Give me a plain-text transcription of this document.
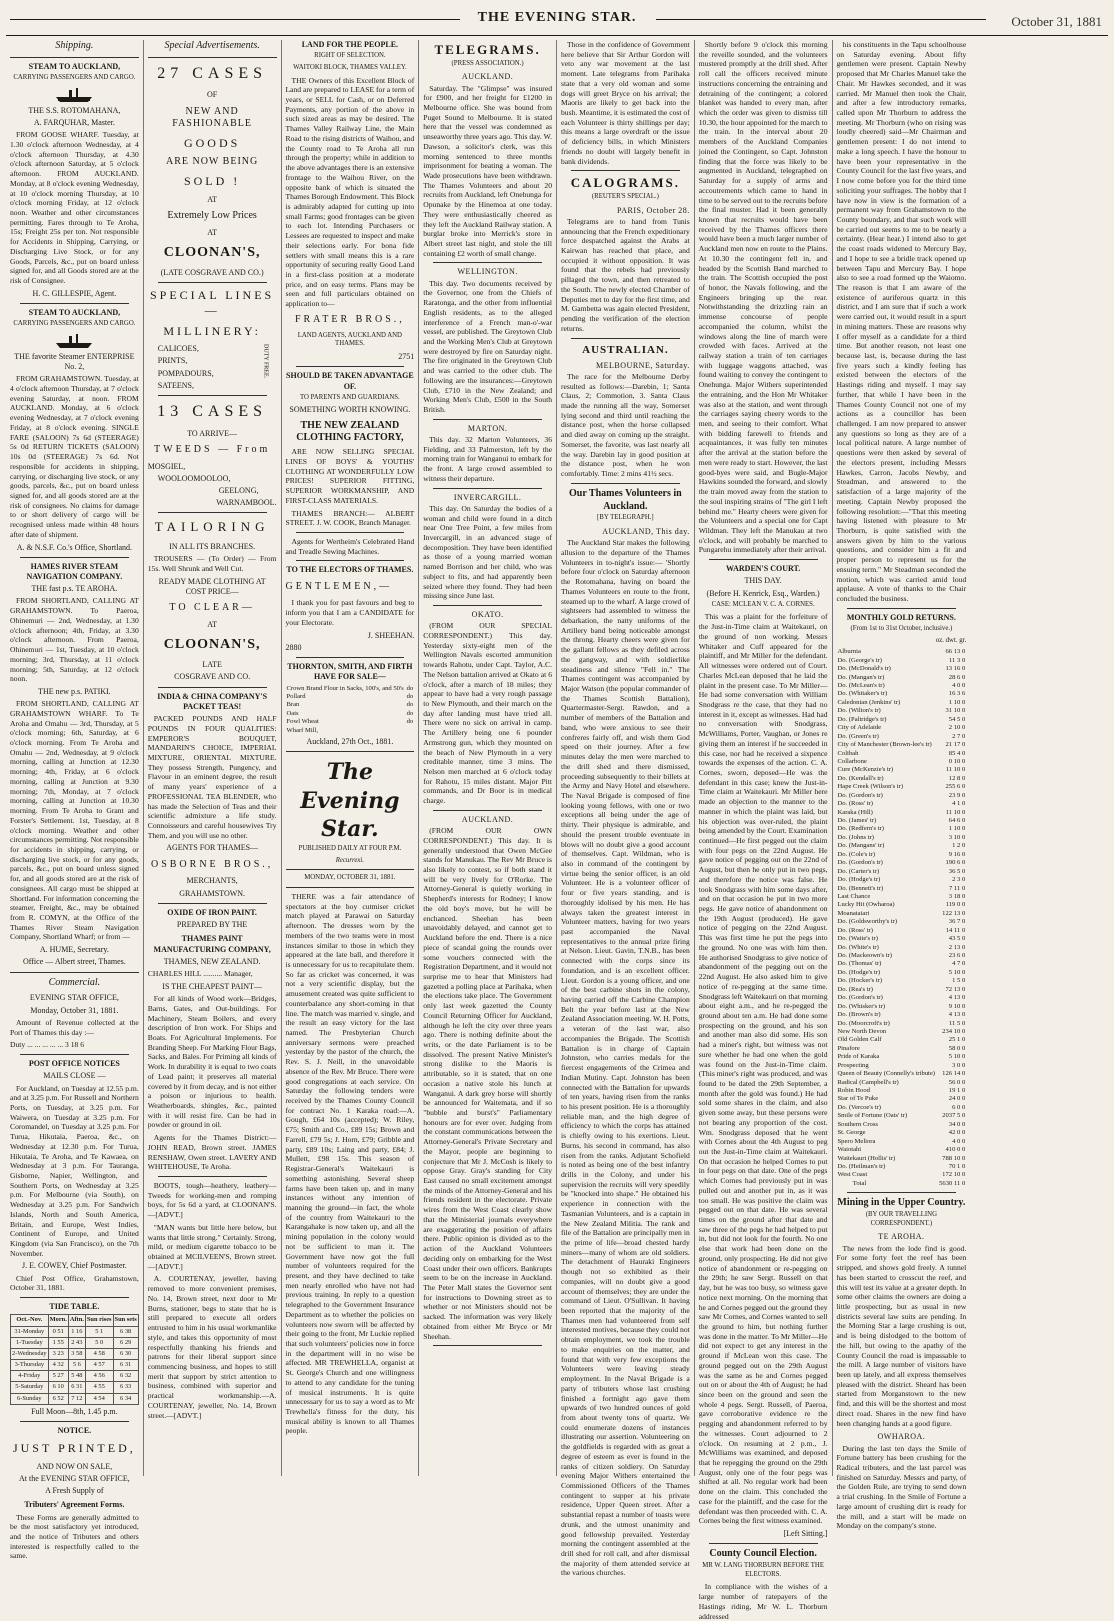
THE EVENING STAR.	October 31, 1881
Shipping.
STEAM TO AUCKLAND,
CARRYING PASSENGERS AND CARGO.
THE S.S. ROTOMAHANA,
A. FARQUHAR, Master.

FROM GOOSE WHARF. Tuesday, at 1.30 o'clock afternoon Wednesday, at 4 o'clock afternoon Thursday, at 4.30 o'clock afternoon Saturday, at 5 o'clock afternoon. FROM AUCKLAND. Monday, at 8 o'clock evening Wednesday, at 10 o'clock morning Thursday, at 10 o'clock morning Friday, at 12 o'clock noon. Weather and other circumstances permitting. Fares through to Te Aroha, 15s; Freight 25s per ton. Not responsible for Accidents in Shipping, Carrying, or Discharging Live Stock, or for any Goods, Parcels, &c., put on board unless signed for, and all Goods stored are at the risk of Consignee.

H. C. GILLESPIE, Agent.
STEAM TO AUCKLAND,
CARRYING PASSENGERS AND CARGO.
THE favorite Steamer ENTERPRISE No. 2,

FROM GRAHAMSTOWN. Tuesday, at 4 o'clock afternoon Thursday, at 7 o'clock evening Saturday, at noon. FROM AUCKLAND. Monday, at 6 o'clock evening Wednesday, at 7 o'clock evening Friday, at 8 o'clock evening. SINGLE FARE (SALOON) 7s 6d (STEERAGE) 5s 0d RETURN TICKETS (SALOON) 10s 0d (STEERAGE) 7s 6d. Not responsible for accidents in shipping, carrying, or discharging live stock, or any goods, parcels, &c., put on board unless signed for, and all goods stored are at the risk of consignees. No claims for damage to or short delivery of cargo will be recognised unless made within 48 hours after date of shipment.

A. & N.S.F. Co.'s Office, Shortland.
HAMES RIVER STEAM NAVIGATION COMPANY.
THE fast p.s. TE AROHA.

FROM SHORTLAND, CALLING AT GRAHAMSTOWN. To Paeroa, Ohinemuri — 2nd, Wednesday, at 1.30 o'clock afternoon; 4th, Friday, at 3.30 o'clock afternoon. From Paeroa, Ohinemuri — 1st, Tuesday, at 10 o'clock morning; 3rd, Thursday, at 11 o'clock morning; 5th, Saturday, at 12 o'clock noon.

THE new p.s. PATIKI.

FROM SHORTLAND, CALLING AT GRAHAMSTOWN WHARF. To Te Aroha and Omahu — 3rd, Thursday, at 5 o'clock morning; 6th, Saturday, at 6 o'clock morning. From Te Aroha and Omahu — 2nd, Wednesday, at 9 o'clock morning, calling at Junction at 12.30 morning; 4th, Friday, at 6 o'clock morning, calling at Junction at 9.30 morning; 7th, Monday, at 7 o'clock morning, calling at Junction at 10.30 morning. From Te Aroha to Grant and Forster's Settlement. 1st, Tuesday, at 8 o'clock morning. Weather and other circumstances permitting. Not responsible for accidents in shipping, carrying, or discharging live stock, or for any goods, parcels, &c., put on board unless signed for, and all goods stored are at the risk of consignees. All cargo must be shipped at Shortland. For information concerning the steamer, Freight, &c., may be obtained from R. COMYN, at the Office of the Thames River Steam Navigation Company, Shortland Wharf; or from —

A. HUME, Secretary.
Office — Albert street, Thames.
Commercial.
EVENING STAR OFFICE,
Monday, October 31, 1881.

Amount of Revenue collected at the Port of Thames this day :—

Duty ... ... ... ... ... 3 18 6

POST OFFICE NOTICES
MAILS CLOSE —

For Auckland, on Tuesday at 12.55 p.m. and at 3.25 p.m. For Russell and Northern Ports, on Tuesday, at 3.25 p.m. For Waiwera, on Tuesday at 3.25 p.m. For Coromandel, on Tuesday at 3.25 p.m. For Turua, Hikutaia, Paeroa, &c., on Wednesday at 12.30 p.m. For Turua, Hikutaia, Te Aroha, and Te Kawaea, on Wednesday at 3 p.m. For Tauranga, Gisborne, Napier, Wellington, and Southern Ports, on Wednesday at 3.25 p.m. For Melbourne (via South), on Wednesday at 3.25 p.m. For Sandwich Islands, North and South America, Britain, and Europe, West Indies, Continent of Europe, and United Kingdom (via San Francisco), on the 7th November.

J. E. COWEY, Chief Postmaster.

Chief Post Office, Grahamstown, October 31, 1881.

TIDE TABLE.
Oct.-Nov.	Morn.	Aftn.	Sun rises	Sun sets
31-Monday	0 51	1 16	5 1	6 38
1-Tuesday	1 55	2 43	5 0	6 29
2-Wednesday	3 23	3 58	4 58	6 30
3-Thursday	4 32	5 6	4 57	6 31
4-Friday	5 27	5 48	4 56	6 32
5-Saturday	6 10	6 31	4 55	6 33
6-Sunday	6 52	7 12	4 54	6 34
Full Moon—8th, 1.45 p.m.
NOTICE.
JUST PRINTED,
AND NOW ON SALE,
At the EVENING STAR OFFICE,
A Fresh Supply of
Tributers' Agreement Forms.

These Forms are generally admitted to be the most satisfactory yet introduced, and the notice of Tributers and others interested is respectfully called to the same.

Special Advertisements.
27 CASES
OF
NEW AND FASHIONABLE
GOODS
ARE NOW BEING
SOLD !
AT
Extremely Low Prices
AT
CLOONAN'S,
(LATE COSGRAVE AND CO.)
SPECIAL LINES—
MILLINERY:
CALICOES,
PRINTS,
POMPADOURS,
SATEENS,
DUTY FREE.
13 CASES
TO ARRIVE—
TWEEDS — From
MOSGIEL,
WOOLOOMOOLOO,
GEELONG,
WARNAMBOOL.
TAILORING
IN ALL ITS BRANCHES.

TROUSERS — (To Order) — From 15s. Well Shrunk and Well Cut.

READY MADE CLOTHING AT COST PRICE—
TO CLEAR—
AT
CLOONAN'S,
LATE
COSGRAVE AND CO.
INDIA & CHINA COMPANY'S PACKET TEAS!

PACKED POUNDS AND HALF POUNDS IN FOUR QUALITIES: EMPEROR'S BOUQUET, MANDARIN'S CHOICE, IMPERIAL MIXTURE, ORIENTAL MIXTURE. They possess Strength, Pungency, and Flavour in an eminent degree, the result of many years' experience of a PROFESSIONAL TEA BLENDER, who has made the Selection of Teas and their scientific admixture a life study. Connoisseurs and careful housewives Try Them, and you will use no other.

AGENTS FOR THAMES—
OSBORNE BROS.,
MERCHANTS,
GRAHAMSTOWN.
OXIDE OF IRON PAINT.
PREPARED BY THE
THAMES PAINT MANUFACTURING COMPANY,
THAMES, NEW ZEALAND.

CHARLES HILL .......... Manager,

IS THE CHEAPEST PAINT—

For all kinds of Wood work—Bridges, Barns, Gates, and Out-buildings. For Machinery, Steam Boilers, and every description of Iron work. For Ships and Boats. For Agricultural Implements. For Branding Sheep. For Marking Flour Bags, Sacks, and Bales. For Priming all kinds of Work. In durability it is equal to two coats of Lead paint; it preserves all material covered by it from decay, and is not either a poison or injurious to health. Weatherboards, shingles, &c., painted with it will resist fire. Can be had in powder or ground in oil.

Agents for the Thames District:— JOHN READ, Brown street. JAMES RENSHAW, Owen street. LAVERY AND WHITEHOUSE, Te Aroha.

BOOTS, tough—heathery, leathery—Tweeds for working-men and romping boys, for 5s 6d a yard, at CLOONAN'S.—[ADVT.]

"MAN wants but little here below, but wants that little strong." Certainly. Strong, mild, or medium cigarette tobacco to be obtained at MCILVEEN'S, Brown street.—[ADVT.]

A. COURTENAY, jeweller, having removed to more convenient premises, No. 14, Brown street, next door to Mr Burns, stationer, begs to state that he is still prepared to execute all orders entrusted to him in his usual workmanlike style, and takes this opportunity of most respectfully thanking his friends and patrons for their liberal support since commencing business, and hopes to still merit that support by strict attention to business, combined with superior and practical workmanship.—A. COURTENAY, jeweller, No. 14, Brown street.—[ADVT.]

LAND FOR THE PEOPLE.
RIGHT OF SELECTION.
WAITOKI BLOCK, THAMES VALLEY.

THE Owners of this Excellent Block of Land are prepared to LEASE for a term of years, or SELL for Cash, or on Deferred Payments, any portion of the above in such sized areas as may be desired. The Thames Valley Railway Line, the Main Road to the rising districts of Waihou, and the County road to Te Aroha all run through the property; while in addition to the above advantages there is an extensive frontage to the Waihou River, on the opposite bank of which is situated the Thames Borough Endowment. This Block is admirably adapted for cutting up into small Farms; good frontages can be given to each lot. Intending Purchasers or Lessees are requested to inspect and make their selections early. For bona fide settlers with small means this is a rare opportunity of securing really Good Land in a first-class position at a moderate price, and on easy terms. Plans may be seen and full particulars obtained on application to—

FRATER BROS.,
LAND AGENTS, AUCKLAND AND THAMES.
2751
SHOULD BE TAKEN ADVANTAGE OF.
TO PARENTS AND GUARDIANS.
SOMETHING WORTH KNOWING.
THE NEW ZEALAND CLOTHING FACTORY,

ARE NOW SELLING SPECIAL LINES OF BOYS' & YOUTHS' CLOTHING AT WONDERFULLY LOW PRICES! SUPERIOR FITTING, SUPERIOR WORKMANSHIP, AND FIRST-CLASS MATERIALS.

THAMES BRANCH:— ALBERT STREET. J. W. COOK, Branch Manager.

Agents for Wertheim's Celebrated Hand and Treadle Sewing Machines.

TO THE ELECTORS OF THAMES.
GENTLEMEN,—

I thank you for past favours and beg to inform you that I am a CANDIDATE for your Electorate.

J. SHEEHAN.
2880
THORNTON, SMITH, AND FIRTH HAVE FOR SALE—
Crown Brand Flour in Sacks, 100's, and 50's	do
Pollard	do
Bran	do
Oats	do
Fowl Wheat	do
Wharf Mill,	
Auckland, 27th Oct., 1881.
The Evening Star.
PUBLISHED DAILY AT FOUR P.M.
Recurrexi.
MONDAY, OCTOBER 31, 1881.

THERE was a fair attendance of spectators at the hoy cutmiser cricket match played at Parawai on Saturday afternoon. The dresses worn by the members of the two teams were in most instances similar to those in which they appeared at the late ball, and therefore it is unnecessary for us to recapitulate them. So far as cricket was concerned, it was not a very scientific display, but the amusement created was quite sufficient to counterbalance any short-coming in that line. The match was married v. single, and the result an easy victory for the last named. The Presbyterian Church anniversary sermons were preached yesterday by the pastor of the church, the Rev. S. J. Neill, in the unavoidable absence of the Rev. Mr Bruce. There were good congregations at each service. On Saturday the following tenders were received by the Thames County Council for contract No. 1 Karaka road:—A. Gough, £64 10s (accepted); W. Riley, £75; Smith and Co., £89 15s; Brown and Farrell, £79 5s; J. Horn, £79; Gribble and party, £89 10s; Laing and party, £84; J. Mullett, £98 15s. This season of Registrar-General's Waitekauri is something astonishing. Several sheep farms have been taken up, and in many instances without any intention of manning the ground—in fact, the whole of the country from Waitekauri to the Karangahake is now taken up, and all the mining population in the colony would not be sufficient to man it. The Government have now got the full number of volunteers required for the present, and they have declined to take men nearly enrolled who have not had previous training. In reply to a question telegraphed to the Government Insurance Department as to whether the policies on volunteers now sworn will be affected by their going to the front, Mr Luckie replied that such volunteers' policies now in force in the department will in no wise be affected. MR TREWHELLA, organist at St. George's Church and one willingness to attend to any candidate for the tuning of musical instruments. It is quite unnecessary for us to say a word as to Mr Trewhella's fitness for the duty, his musical ability is known to all Thames people.

TELEGRAMS.
(PRESS ASSOCIATION.)
AUCKLAND.

Saturday. The "Glimpse" was insured for £900, and her freight for £1200 in Melbourne office. She was bound from Puget Sound to Melbourne. It is stated here that the vessel was condemned as unseaworthy three years ago. This day. W. Dawson, a solicitor's clerk, was this morning sentenced to three months imprisonment for beating a woman. The Wade prosecutions have been withdrawn. The Thames Volunteers and about 20 recruits from Auckland, left Onehunga for Opunake by the Hinemoa at one today. They were enthusiastically cheered as they left the Auckland Railway station. A burglar broke into Merrick's store in Albert street last night, and stole the till containing £2 worth of small change.

WELLINGTON.

This day. Two documents received by the Governor, one from the Chiefs of Raratonga, and the other from influential English residents, as to the alleged interference of a French man-o'-war vessel, are published. The Greytown Club and the Working Men's Club at Greytown were destroyed by fire on Saturday night. The fire originated in the Greytown Club and was carried to the other club. The following are the insurances:—Greytown Club, £710 in the New Zealand; and Working Men's Club, £500 in the South British.

MARTON.

This day. 32 Marton Volunteers, 36 Fielding, and 33 Palmerston, left by the morning train for Wanganui to embark for the front. A large crowd assembled to witness their departure.

INVERCARGILL.

This day. On Saturday the bodies of a woman and child were found in a ditch near One Tree Point, a few miles from Invercargill, in an advanced stage of decomposition. They have been identified as those of a young married woman named Borrison and her child, who was subject to fits, and had apparently been seized where they found. They had been missing since June last.

OKATO.

(FROM OUR SPECIAL CORRESPONDENT.) This day. Yesterday sixty-eight men of the Wellington Navals escorted ammunition towards Rahotu, under Capt. Taylor, A.C. The Nelson battalion arrived at Okato at 6 o'clock, after a march of 18 miles; they appear to have had a very rough passage to New Plymouth, and their march on the day after landing must have tried all. There were no sick on arrival in camp. The Artillery being one 6 pounder Armstrong gun, which they mounted on the beach of New Plymouth in a very creditable manner, time 3 mins. The Nelson men marched at 6 o'clock today for Rahotu, 15 miles distant. Major Pitt commands, and Dr Boor is in medical charge.

AUCKLAND.

(FROM OUR OWN CORRESPONDENT.) This day. It is generally understood that Owen McGee stands for Manukau. The Rev Mr Bruce is also likely to contest, so if both stand it will be very lively for O'Rorke. The Attorney-General is quietly working in Shepherd's interests for Rodney; I know the old boy's move, but he will be enchanced. Sheehan has been unavoidably delayed, and cannot get to Auckland before the end. There is a nice piece of scandal going the rounds over some vouchers connected with the Registration Department, and it would not surprise me to hear that Ministers had gazetted a polling place at Parihaka, when the elections take place. The Government only last week gazetted the County Council Returning Officer for Auckland, although he left the city over three years ago. There is nothing definite about the writs, or the date Parliament is to be dissolved. The present Native Minister's strong dislike to the Maoris is attributable, so it is stated, that on one occasion a native stole his lunch at Wanganui. A dark grey horse will shortly be announced for Waitemata, and if so "bubble and burst's" Parliamentary honours are for ever over. Judging from the constant communications between the Attorney-General's Private Secretary and the Mayor, people are beginning to conjecture that Mr J. McCosh is likely to oppose Gray. Gray's standing for City East caused no small excitement amongst the minds of the Attorney-General and his friends resident in the electorate. Private wires from the West Coast clearly show that the Ministerial journals everywhere are exaggerating the position of affairs there. Public opinion is divided as to the action of the Auckland Volunteers deciding only on embarking for the West Coast under their own officers. Bankrupts seem to be on the increase in Auckland. The Peter Mall states the Governor sent for instructions to Downing street as to whether or not Ministers should not be sacked. The information was very likely obtained from either Mr Bryce or Mr Sheehan.

Those in the confidence of Government here believe that Sir Arthur Gordon will veto any war movement at the last moment. Late telegrams from Parihaka state that a very old woman and some dogs will greet Bryce on his arrival; the Maoris are likely to get back into the bush. Meantime, it is estimated the cost of each Volunteer is thirty shillings per day; this means a large overdraft or the issue of deficiency bills, in which Ministers friends no doubt will largely benefit in bank dividends.

CALOGRAMS.
(REUTER'S SPECIAL.)
PARIS, October 28.

Telegrams are to hand from Tunis announcing that the French expeditionary force despatched against the Arabs at Kairwan has reached that place, and occupied it without opposition. It was found that the rebels had previously pillaged the town, and then retreated to the South. The newly elected Chamber of Deputies met to day for the first time, and M. Gambetta was again elected President, pending the verification of the election returns.

AUSTRALIAN.
MELBOURNE, Saturday.

The race for the Melbourne Derby resulted as follows:—Darebin, 1; Santa Claus, 2; Commotion, 3. Santa Claus made the running all the way, Somerset lying second and third until reaching the distance post, when the horse collapsed and died away on coming up the straight. Somerset, the favorite, was last nearly all the way. Darebin lay in good position at the distance post, when he won comfortably. Time: 2 mins 41½ secs.

Our Thames Volunteers in Auckland.
[BY TELEGRAPH.]
AUCKLAND, This day.

The Auckland Star makes the following allusion to the departure of the Thames Volunteers in to-night's issue:— 'Shortly before four o'clock on Saturday afternoon the Rotomahana, having on board the Thames Volunteers en route to the front, steamed up to the wharf. A large crowd of sightseers had assembled to witness the debarkation, the natty uniforms of the Artillery band being noticeable amongst the throng. Hearty cheers were given for the gallant fellows as they defiled across the gangway, and with soldierlike steadiness and silence "Fell in." The Thames contingent was accompanied by Major Watson (the popular commander of the Thames Scottish Battalion), Quartermaster-Sergt. Rawdon, and a number of members of the Battalion and band, who were anxious to see their confreres fairly off, and wish them God speed on their journey. After a few minutes delay the men were marched to the drill shed and there dismissed, proceeding subsequently to their billets at the Army and Navy Hotel and elsewhere. The Naval Brigade is composed of fine looking young fellows, with one or two exceptions all being under the age of thirty. Their physique is admirable, and should the present trouble eventuate in blows will no doubt give a good account of themselves. Capt. Wildman, who is also in command of the contingent by virtue being the senior officer, is an old Volunteer. He is a volunteer officer of four or five years standing, and is thoroughly idolised by his men. He has always taken the greatest interest in Volunteer matters, having for two years past accompanied the Naval representatives to the annual prize firing at Nelson. Lieut. Gavin, T.N.B., has been connected with the corps since its foundation, and is an excellent officer. Lieut. Gordon is a young officer, and one of the best carbine shots in the colony, having carried off the Carbine Champion Belt the year before last at the New Zealand Association meeting. W. H. Potts, a veteran of the last war, also accompanies the Brigade. The Scottish Battalion is in charge of Captain Johnston, who carries medals for the fiercest engagements of the Crimea and Indian Mutiny. Capt. Johnston has been connected with the Battalion for upwards of ten years, having risen from the ranks to his present position. He is a thoroughly reliable man, and the high degree of efficiency to which the corps has attained is chiefly owing to his exertions. Lieut. Burns, his second in command, has also risen from the ranks. Adjutant Schofield is noted as being one of the best infantry drills in the Colony, and under his supervision the recruits will very speedily be "knocked into shape." He obtained his experience in connection with the Tasmanian Volunteers, and is a captain in the New Zealand Militia. The rank and file of the Battalion are principally men in the prime of life—broad chested hardy miners—many of whom are old soldiers. The detachment of Hauraki Engineers though not so exhibited as their companies, will no doubt give a good account of themselves; they are under the command of Lieut. O'Sullivan. It having been reported that the majority of the Thames men had volunteered from self interested motives, because they could not obtain employment, we took the trouble to make enquiries on the matter, and found that with very few exceptions the Volunteers were leaving steady employment. In the Naval Brigade is a party of tributers whose last crushing finished a fortnight ago gave them upwards of two hundred ounces of gold from about twenty tons of quartz. We could enumerate dozens of instances illustrating our assertion. Volunteering on the goldfields is regarded with as great a degree of esteem as ever is found in the ranks of citizen soldiery. On Saturday evening Major Withers entertained the Commissioned Officers of the Thames contingent to supper at his private residence, Upper Queen street. After a substantial repast a number of toasts were drunk, and the utmost unanimity and good fellowship prevailed. Yesterday morning the contingent assembled at the drill shed for roll call, and after dismissal the majority of them attended service at the various churches.

Shortly before 9 o'clock this morning the reveille sounded, and the volunteers mustered promptly at the drill shed. After roll call the officers received minute instructions concerning the entraining and detraining of the contingent; a colored blanket was handed to every man, after which the order was given to dismiss till 10.30, the hour appointed for the march to the train. In the interval about 20 members of the Auckland Companies joined the Contingent, so Capt. Johnston finding that the force was likely to be augmented in Auckland, telegraphed on Saturday for a supply of arms and accoutrements which came to hand in time to be served out to the recruits before the final muster. Had it been generally known that recruits would have been received by the Thames officers there would have been a much larger number of Auckland men now en route to the Plains. At 10.30 the contingent fell in, and headed by the Scottish Band marched to the train. The Scottish occupied the post of honor, the Navals following, and the Engineers bringing up the rear. Notwithstanding the drizzling rain an immense concourse of people accompanied the column, whilst the windows along the line of march were crowded with faces. Arrived at the railway station a train of ten carriages with luggage waggons attached, was found waiting to convey the contingent to Onehunga. Major Withers superintended the entraining, and the Hon Mr Whitaker was also at the station, and went through the carriages saying cheery words to the men, and seeing to their comfort. What with bidding farewell to friends and acquaintances, it was fully ten minutes after the arrival at the station before the men were ready to start. However, the last good-byes were said, and Bugle-Major Hawkins sounded the forward, and slowly the train moved away from the station to the soul inspiring strains of "The girl I left behind me." Hearty cheers were given for the Volunteers and a special one for Capt Wildman. They left the Manukau at two o'clock, and will probably be marched to Pungarehu immediately after their arrival.

WARDEN'S COURT.
THIS DAY.
(Before H. Kenrick, Esq., Warden.)
CASE: MCLEAN V. C. A. CORNES.

This was a plaint for the forfeiture of the Just-in-Time claim at Waitekauri, on the ground of non working. Messrs Whitaker and Cuff appeared for the plaintiff, and Mr Miller for the defendant. All witnesses were ordered out of Court. Charles McLean deposed that he laid the plaint in the present case. To Mr Miller—He had some conversation with William Snodgrass re the case, that they had no interest in it, except as witnesses. Had had no conversation with Snodgrass, McWilliams, Porter, Vaughan, or Jones re giving them an interest if he succeeded in this case, nor had he received a sixpence towards the expenses of the action. C. A. Cornes, sworn, deposed—He was the defendant in this case; knew the Just-in-Time claim at Waitekauri. Mr Miller here made an objection to the manner to the manner in which the plaint was laid, but his objection was over-ruled, the plaint being amended by the Court. Examination continued—He first pegged out the claim with four pegs on the 22nd August. He gave notice of pegging out on the 22nd of August, but then he only put in two pegs, and therefore the notice was false. He took Snodgrass with him some days after, and on that occasion he put in two more pegs. He gave notice of abandonment on the 19th August (produced). He gave notice of pegging on the 22nd August. This was first time he put the pegs into the ground. No one was with him then. He authorised Snodgrass to give notice of abandonment of the pegging out on the 22nd August. He also asked him to give notice of re-pegging at the same time. Snodgrass left Waitekauri on that morning about eight a.m., and he re-pegged the ground about ten a.m. He had done some prospecting on the ground, and his son and another man also did some. His son had a miner's right, but witness was not sure whether he had one when the gold was found on the Just-in-Time claim. (This miner's right was produced, and was found to be dated the 29th September, a month after the gold was found.) He had sold some shares in the claim, and also given some away, but these persons were not bearing any proportion of the cost. Wm. Snodgrass deposed that he went with Cornes about the 4th August to peg out the Just-in-Time claim at Waitekauri. On that occasion he helped Cornes to put in four pegs on that date. One of the pegs which Cornes had previously put in was pulled out and another put in, as it was too small. He was positive the claim was pegged out on that date. He was several times on the ground after that date and saw three of the pegs he had helped to put in, but did not look for the fourth. No one else that work had been done on the ground, only prospecting. He did not give notice of abandonment or re-pegging on the 29th; he saw Sergt. Russell on that day, but he was too busy, so witness gave notice next morning. On the morning that he and Cornes pegged out the ground they saw Mr Cornes, and Cornes wanted to sell the ground to him, but nothing further was done in the matter. To Mr Miller—He did not expect to get any interest in the ground if McLean won this case. The ground pegged out on the 29th August was the same as he and Cornes pegged out on or about the 4th of August; he had since been on the ground and seen the whole 4 pegs. Sergt. Russell, of Paeroa, gave corroborative evidence re the pegging and abandonment referred to by the witnesses. Court adjourned to 2 o'clock. On resuming at 2 p.m., J. McWilliams was examined, and deposed that he repegging the ground on the 29th August, only one of the four pegs was shifted at all. No regular work had been done on the claim. This concluded the case for the plaintiff, and the case for the defendant was then proceeded with. C. A. Cornes being the first witness examined.

[Left Sitting.]
County Council Election.
MR W. LANG THORBURN BEFORE THE ELECTORS.

In compliance with the wishes of a large number of ratepayers of the Hastings riding, Mr W. L. Thorburn addressed

his constituents in the Tapu schoolhouse on Saturday evening. About fifty gentlemen were present. Captain Newby proposed that Mr Charles Manuel take the Chair. Mr Hawkes seconded, and it was carried. Mr Manuel then took the Chair, and after a few introductory remarks, called upon Mr Thorburn to address the meeting. Mr Thorburn (who on rising was loudly cheered) said—Mr Chairman and gentlemen present: I do not intend to make a long speech. I have the honour to have been your representative in the County Council for the last five years, and I now come before you for the third time soliciting your suffrages. The hobby that I have now in view is the formation of a permanent way from Grahamstown to the County boundary, and that such work will be carried out seems to me to be nearly a certainty. (Hear hear.) I intend also to get the coast roads widened to Mercury Bay, and I hope to see a bridle track opened up between Tapu and Mercury Bay. I hope also to see a road formed up the Waiomo. The reason is that I am aware of the existence of auriferous quartz in this district, and I am sure that if such a work were carried out, it would result in a spurt in mining matters. These are reasons why I offer myself as a candidate for a third time. But another reason, not least one because last, is, because during the last five years such a kindly feeling has existed between the electors of the Hastings riding and myself. I may say further, that while I have been in the Thames County Council not one of my actions as a councillor has been challenged. I am now prepared to answer any questions so long as they are of a local political nature. A large number of questions were then asked by several of the electors present, including Messrs Hawkes, Carron, Jacobs Newby, and Steadman, and answered to the satisfaction of a large majority of the meeting. Captain Newby proposed the following resolution:—"That this meeting having listened with pleasure to Mr Thorburn, is quite satisfied with the answers given by him to the various questions, and consider him a fit and proper person to represent us for the ensuing term." Mr Steadman seconded the motion, which was carried amid loud applause. A vote of thanks to the Chair concluded the business.

MONTHLY GOLD RETURNS.
(From 1st to 31st October, inclusive.)
oz. dwt. gr.
Alburnia	66 13 0
Do. (George's tr)	11 3 0
Do. (McDonald's tr)	13 16 0
Do. (Mangan's tr)	28 6 0
Do. (McLean's tr)	4 0 0
Do. (Whitaker's tr)	16 3 6
Caledonian (Jenkins' tr)	1 10 0
Do. (Wilton's tr)	31 10 0
Do. (Paltridge's tr)	54 5 0
City of Adelaide	2 10 0
Do. (Green's tr)	2 7 0
City of Manchester (Brown-lee's tr)	21 17 0
Colibah	85 4 0
Collarbone	0 10 0
Cure (McKenzie's tr)	11 10 0
Do. (Kendall's tr)	12 8 0
Hape Creek (Wilson's tr)	255 6 0
Do. (Gordon's tr)	23 9 0
Do. (Ross' tr)	4 1 0
Karaka (Hill)	11 10 0
Do. (James' tr)	64 6 0
Do. (Redfern's tr)	1 10 0
Do. (Johns tr)	3 10 0
Do. (Mangans' tr)	1 2 0
Do. (Cole's tr)	9 16 0
Do. (Gordon's tr)	190 6 0
Do. (Carter's tr)	36 5 0
Do. (Hodge's tr)	2 3 0
Do. (Bennett's tr)	7 11 0
Last Chance	3 18 0
Lucky Hit (Owharoa)	119 0 0
Moanataiari	122 13 0
Do. (Goldsworthy's tr)	36 7 0
Do. (Ross' tr)	14 11 0
Do. (Waite's tr)	43 5 0
Do. (White's tr)	2 13 0
Do. (Mackeown's tr)	23 6 0
Do. (Thomas' tr)	4 7 0
Do. (Hodge's tr)	5 10 0
Do. (Hocker's tr)	1 5 0
Do. (Rea's tr)	72 13 0
Do. (Gordon's tr)	4 13 0
Do. (Whisker's tr)	9 10 0
Do. (Brown's tr)	4 13 0
Do. (Moorcroft's tr)	11 5 0
New North Devon	234 10 0
Old Golden Calf	25 1 0
Pinafore	58 0 0
Pride of Karaka	5 10 0
Prospecting	3 0 0
Queen of Beauty (Connelly's tribute)	126 14 0
Radical (Campbell's tr)	56 0 0
Robin Hood	19 1 0
Star of Te Puke	24 0 0
Do. (Vercoe's tr)	6 0 0
Smile of Fortune (Oats' tr)	2037 5 0
Southern Cross	34 0 0
St. George	42 0 0
Spero Meliora	4 0 0
Waiotahi	410 0 0
Waitekauri (Hollis' tr)	788 10 0
Do. (Heilman's tr)	70 1 0
West Coast	172 10 0
Total	5630 11 0
Mining in the Upper Country.
(BY OUR TRAVELLING CORRESPONDENT.)
TE AROHA.

The news from the lode find is good. For some forty feet the reef has been stripped, and shows gold freely. A tunnel has been started to crosscut the reef, and this will test its value at a greater depth. In some other claims the owners are doing a little prospecting, but as usual in new districts several law suits are pending. In the Morning Star a large crushing is out, and is being dislodged to the bottom of the hill, but owing to the apathy of the County Council the road is impassable to the mill. A large number of visitors have been up lately, and all express themselves pleased with the district. Sheard has been started from Morganstown to the new find, and this will be the shortest and most direct road. Shares in the new find have been changing hands at a good figure.

OWHAROA.

During the last ten days the Smile of Fortune battery has been crushing for the Radical tributers, and the last parcel was finished on Saturday. Messrs and party, of the Golden Rule, are trying to send down a trial crushing. In the Smile of Fortune a large amount of crushing dirt is ready for the mill, and a start will be made on Monday on the company's stone.
